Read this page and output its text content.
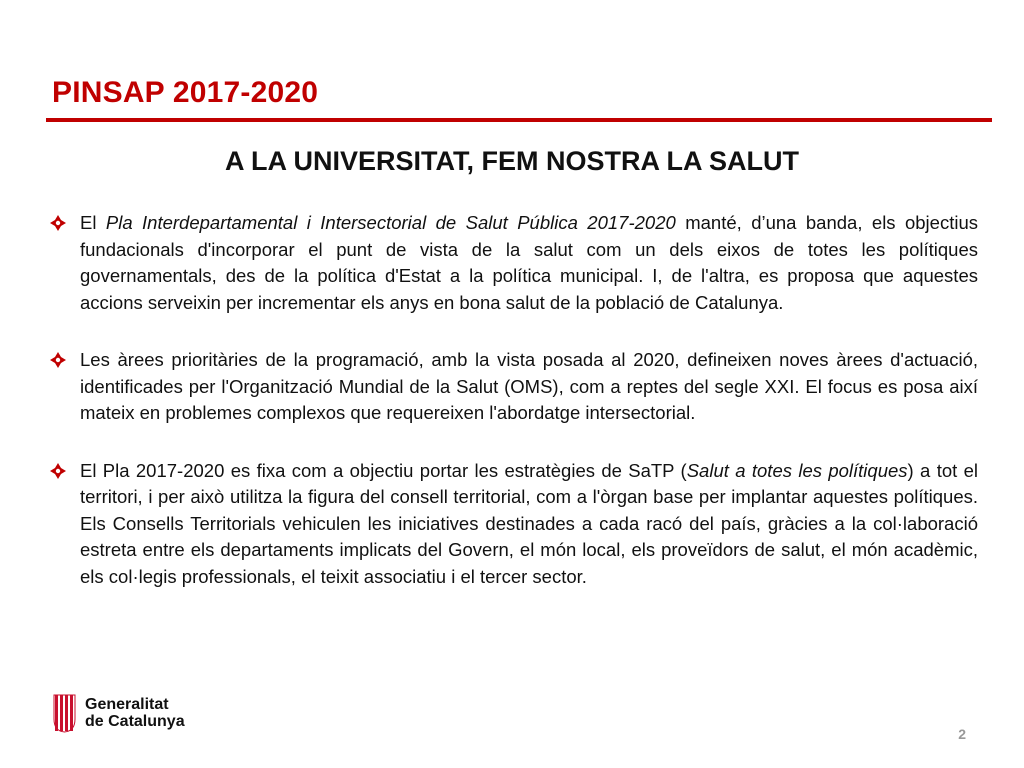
PINSAP 2017-2020
A LA UNIVERSITAT, FEM NOSTRA LA SALUT

El Pla Interdepartamental i Intersectorial de Salut Pública 2017-2020 manté, d’una banda, els objectius fundacionals d'incorporar el punt de vista de la salut com un dels eixos de totes les polítiques governamentals, des de la política d'Estat a la política municipal. I, de l'altra, es proposa que aquestes accions serveixin per incrementar els anys en bona salut de la població de Catalunya.

Les àrees prioritàries de la programació, amb la vista posada al 2020, defineixen noves àrees d'actuació, identificades per l'Organització Mundial de la Salut (OMS), com a reptes del segle XXI. El focus es posa així mateix en problemes complexos que requereixen l'abordatge intersectorial.

El Pla 2017-2020 es fixa com a objectiu portar les estratègies de SaTP (Salut a totes les polítiques) a tot el territori, i per això utilitza la figura del consell territorial, com a l'òrgan base per implantar aquestes polítiques. Els Consells Territorials vehiculen les iniciatives destinades a cada racó del país, gràcies a la col·laboració estreta entre els departaments implicats del Govern, el món local, els proveïdors de salut, el món acadèmic, els col·legis professionals, el teixit associatiu i el tercer sector.

Generalitat
de Catalunya
2
